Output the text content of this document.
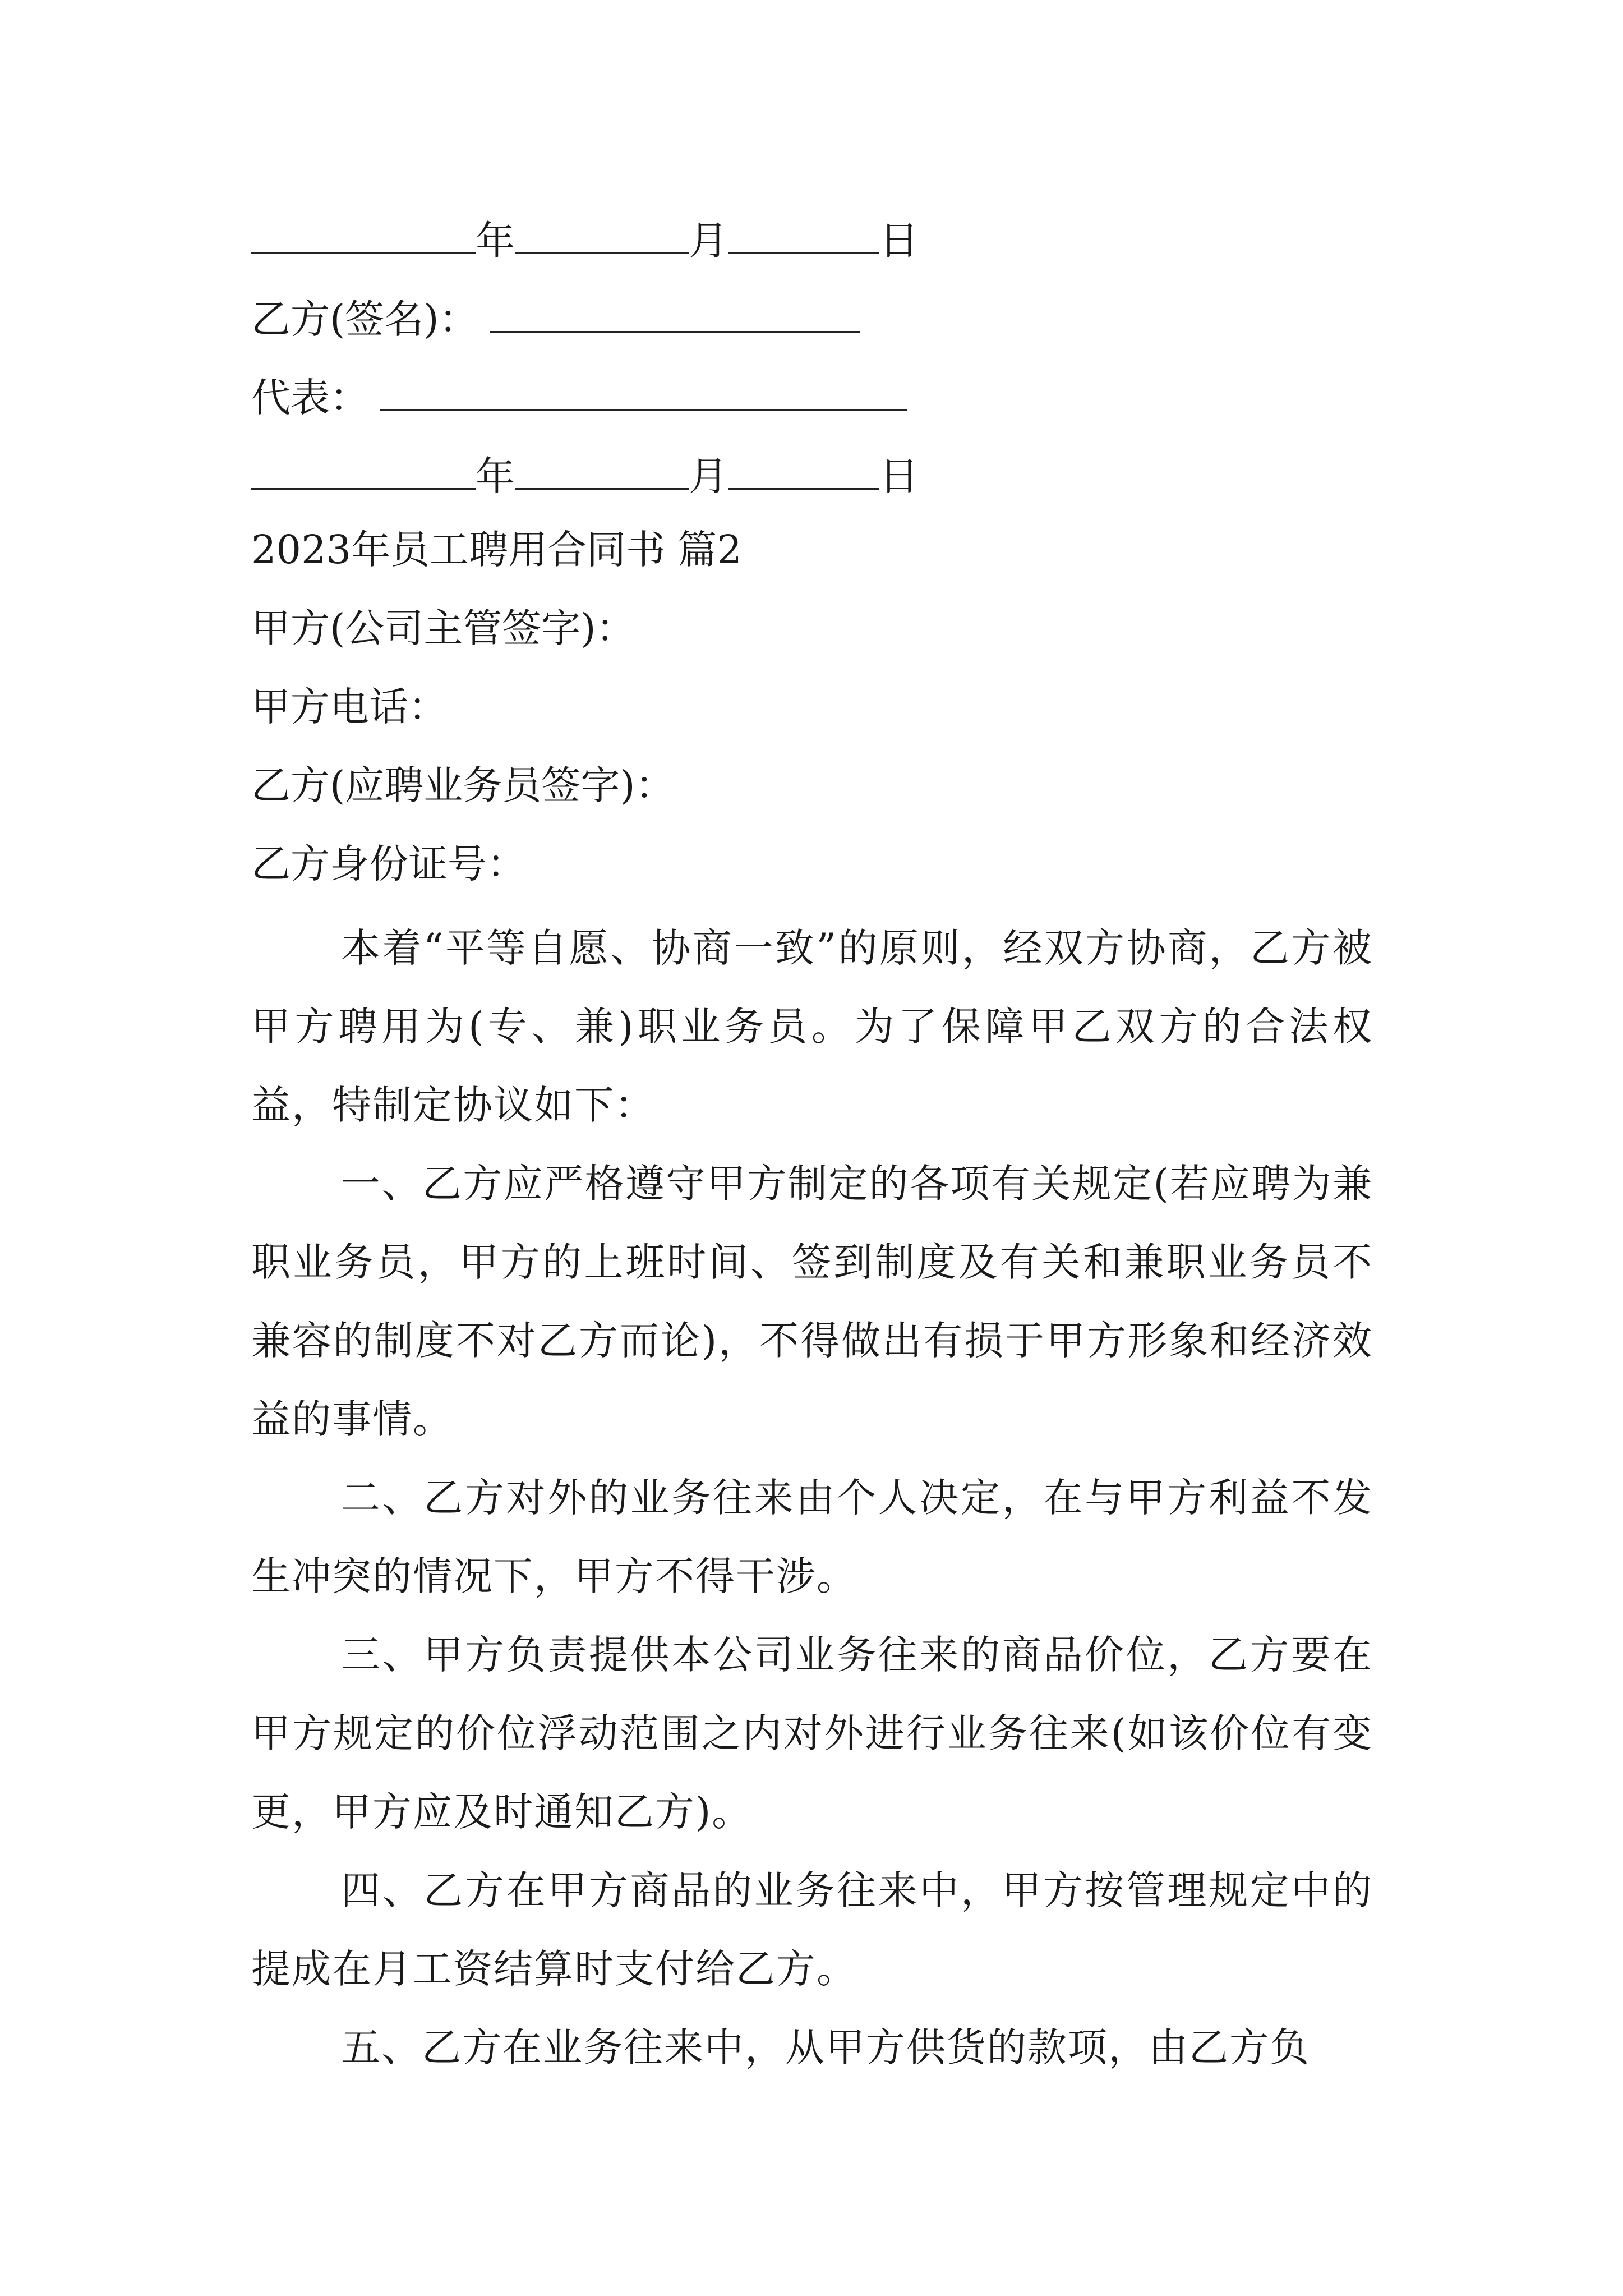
年	月	日
乙方(签名)：
代表：
年	月	日
2023年员工聘用合同书 篇2
甲方(公司主管签字)：
甲方电话：
乙方(应聘业务员签字)：
乙方身份证号：
本着“平等自愿、协商一致”的原则，经双方协商，乙方被甲方聘用为(专、兼)职业务员。为了保障甲乙双方的合法权益，特制定协议如下：
一、乙方应严格遵守甲方制定的各项有关规定(若应聘为兼职业务员，甲方的上班时间、签到制度及有关和兼职业务员不兼容的制度不对乙方而论)，不得做出有损于甲方形象和经济效益的事情。
二、乙方对外的业务往来由个人决定，在与甲方利益不发生冲突的情况下，甲方不得干涉。
三、甲方负责提供本公司业务往来的商品价位，乙方要在甲方规定的价位浮动范围之内对外进行业务往来(如该价位有变更，甲方应及时通知乙方)。
四、乙方在甲方商品的业务往来中，甲方按管理规定中的提成在月工资结算时支付给乙方。
五、乙方在业务往来中，从甲方供货的款项，由乙方负
